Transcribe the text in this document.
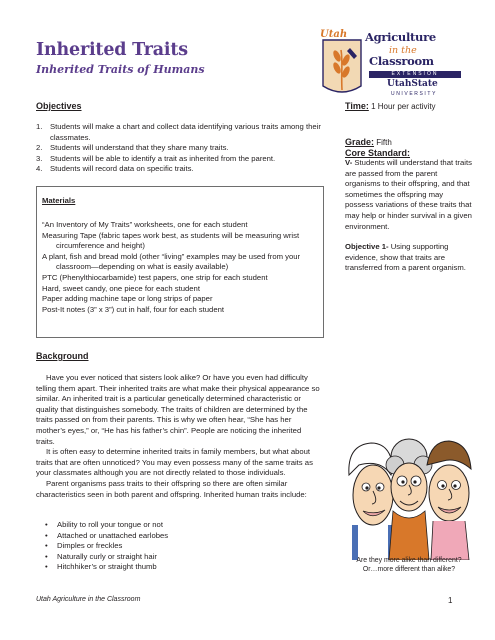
Inherited Traits
Inherited Traits of Humans
Utah Agriculture
in the
Classroom
EXTENSION
UtahState
UNIVERSITY
Objectives
1. Students will make a chart and collect data identifying various traits among their classmates.
2. Students will understand that they share many traits.
3. Students will be able to identify a trait as inherited from the parent.
4. Students will record data on specific traits.
Materials
“An Inventory of My Traits” worksheets, one for each student
Measuring Tape (fabric tapes work best, as students will be measuring wrist circumference and height)
A plant, fish and bread mold (other “living” examples may be used from your classroom—depending on what is easily available)
PTC (Phenylthiocarbamide) test papers, one strip for each student
Hard, sweet candy, one piece for each student
Paper adding machine tape or long strips of paper
Post-It notes (3” x 3”) cut in half, four for each student
Time: 1 Hour per activity
Grade: Fifth
Core Standard:
V- Students will understand that traits are passed from the parent organisms to their offspring, and that sometimes the offspring may possess variations of these traits that may help or hinder survival in a given environment.
Objective 1- Using supporting evidence, show that traits are transferred from a parent organism.
Background

Have you ever noticed that sisters look alike? Or have you even had difficulty telling them apart. Their inherited traits are what make their physical appearance so similar. An inherited trait is a particular genetically determined characteristic or quality that distinguishes somebody. The traits of children are determined by the traits passed on from their parents. This is why we often hear, “She has her mother’s eyes,” or, “He has his father’s chin”. People are noticing the inherited traits.

It is often easy to determine inherited traits in family members, but what about traits that are often unnoticed? You may even possess many of the same traits as your classmates although you are not directly related to those individuals.

Parent organisms pass traits to their offspring so there are often similar characteristics seen in both parent and offspring. Inherited human traits include:

• Ability to roll your tongue or not
• Attached or unattached earlobes
• Dimples or freckles
• Naturally curly or straight hair
• Hitchhiker’s or straight thumb
Are they more alike than different?
Or…more different than alike?
Utah Agriculture in the Classroom	1
